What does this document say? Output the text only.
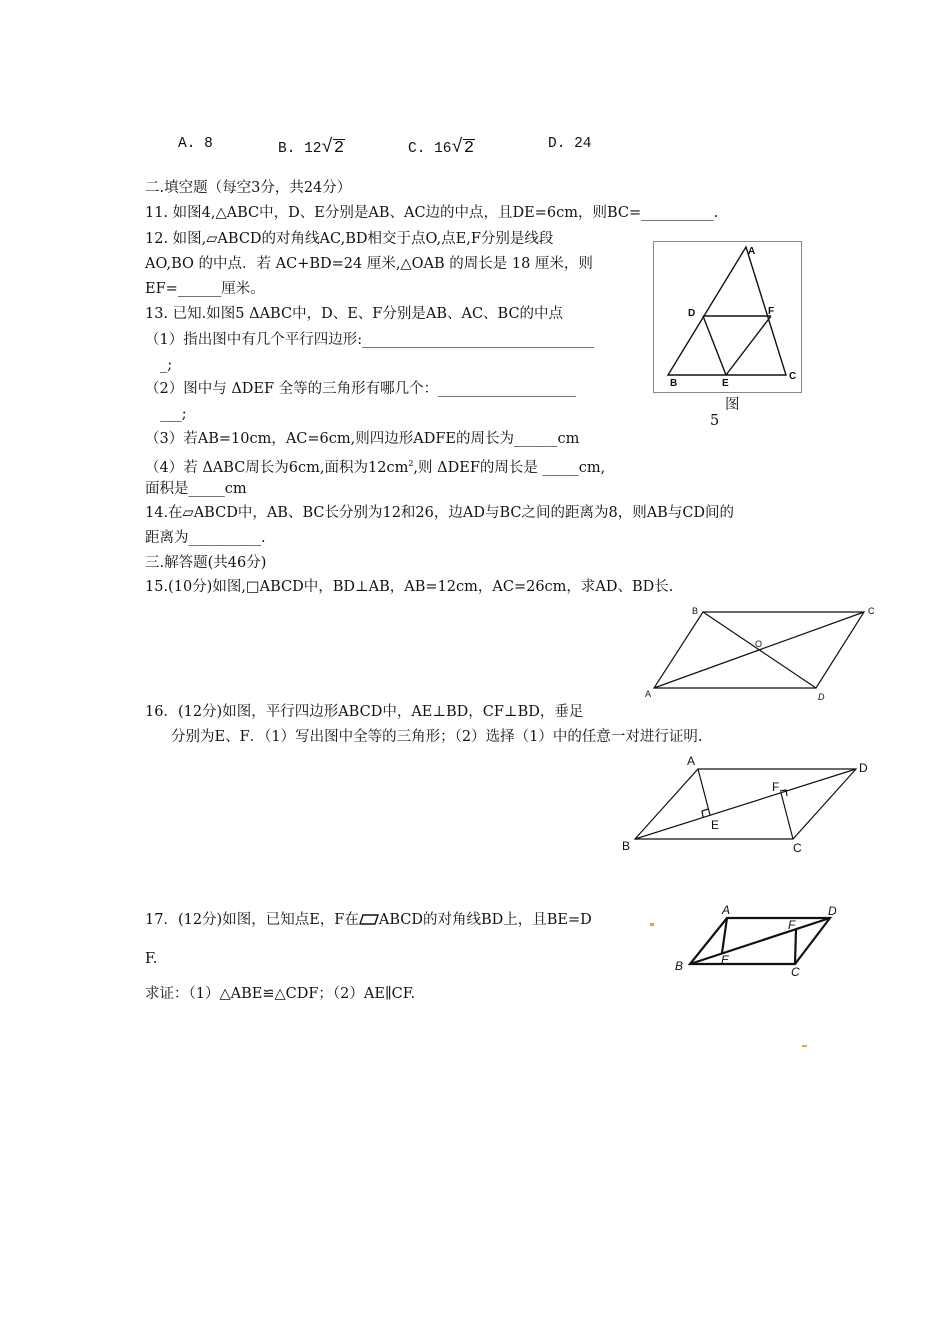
A. 8	B. 12√2	C. 16√2	D. 24
二.填空题（每空3分，共24分）
11. 如图4,△ABC中，D、E分别是AB、AC边的中点，且DE=6cm，则BC=__________.
12. 如图,▱ABCD的对角线AC,BD相交于点O,点E,F分别是线段
AO,BO 的中点．若 AC+BD=24 厘米,△OAB 的周长是 18 厘米，则
EF=______厘米。
13. 已知.如图5 ΔABC中，D、E、F分别是AB、AC、BC的中点
（1）指出图中有几个平行四边形:________________________________
_;
（2）图中与 ΔDEF 全等的三角形有哪几个：___________________
___;
（3）若AB=10cm，AC=6cm,则四边形ADFE的周长为______cm
（4）若 ΔABC周长为6cm,面积为$12cm^2$,则 ΔDEF的周长是 _____cm,
面积是_____cm
14.在▱ABCD中，AB、BC长分别为12和26，边AD与BC之间的距离为8，则AB与CD间的
距离为__________.
三.解答题(共46分)
15.(10分)如图,□ABCD中，BD⊥AB，AB=12cm，AC=26cm，求AD、BD长.
16．(12分)如图，平行四边形ABCD中，AE⊥BD，CF⊥BD，垂足
分别为E、F．（1）写出图中全等的三角形；（2）选择（1）中的任意一对进行证明.
17．(12分)如图，已知点E，F在 ABCD的对角线BD上，且BE=D
F.
求证：（1）△ABE≌△CDF；（2）AE∥CF.
A
D	F
B	E
C
图
5
B	C
O
A	D
A	D
F
E
B	C
A	D
F
E
B	C
